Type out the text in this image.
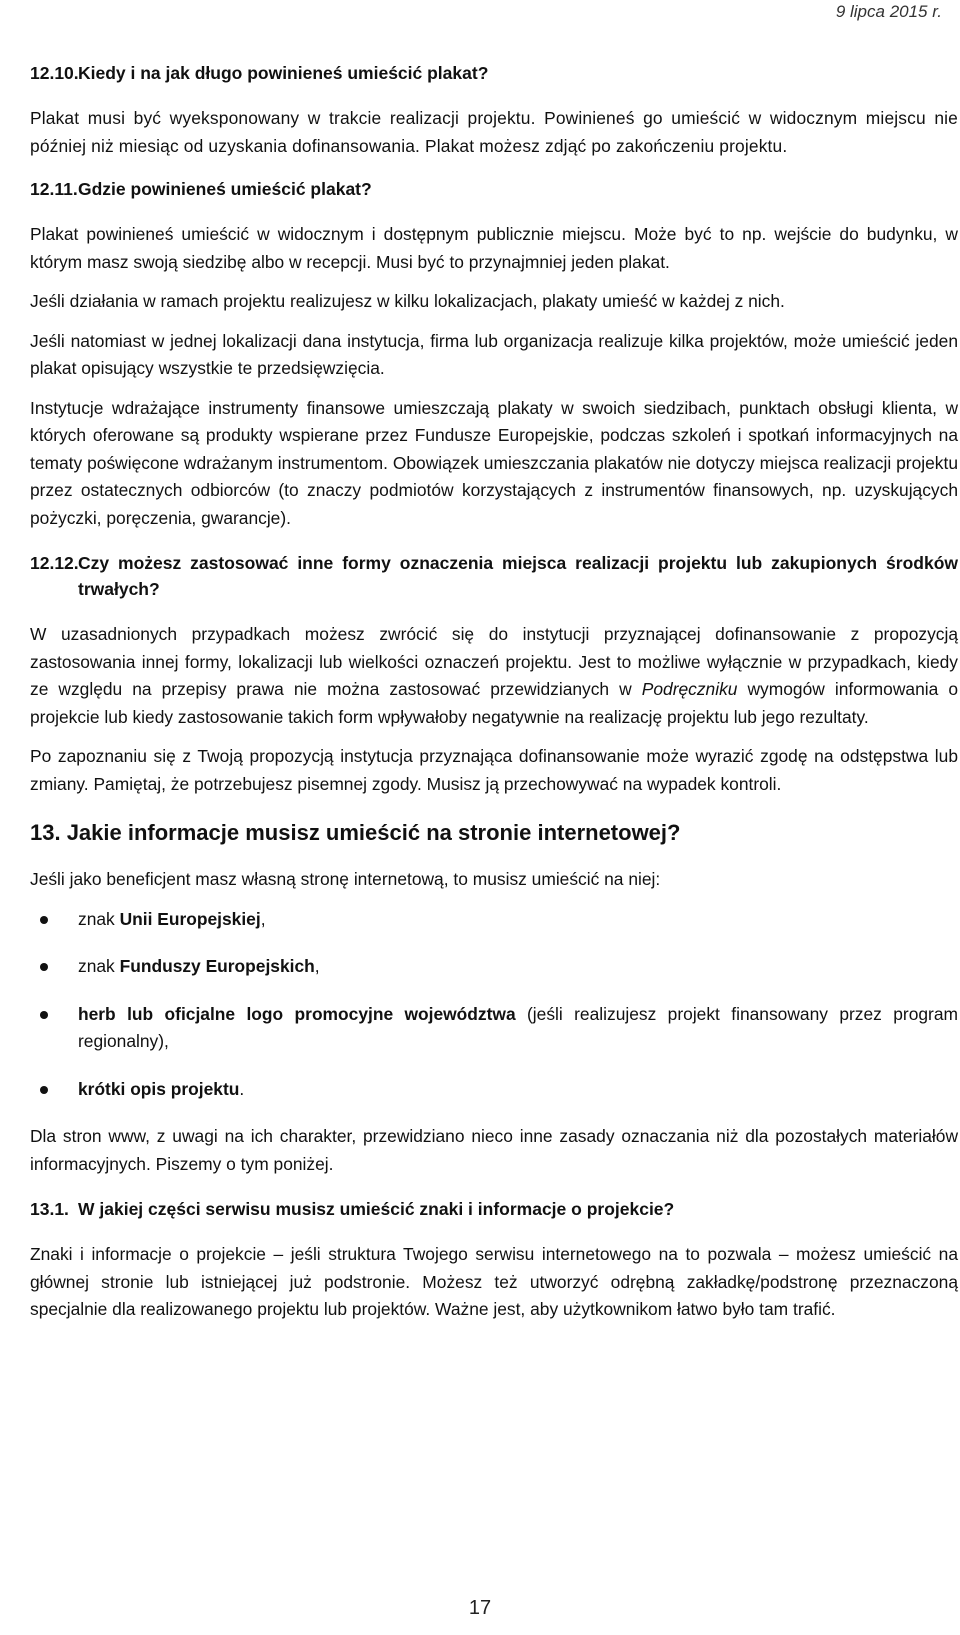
9 lipca 2015 r.
12.10. Kiedy i na jak długo powinieneś umieścić plakat?

Plakat musi być wyeksponowany w trakcie realizacji projektu. Powinieneś go umieścić w widocznym miejscu nie później niż miesiąc od uzyskania dofinansowania. Plakat możesz zdjąć po zakończeniu projektu.

12.11. Gdzie powinieneś umieścić plakat?

Plakat powinieneś umieścić w widocznym i dostępnym publicznie miejscu. Może być to np. wejście do budynku, w którym masz swoją siedzibę albo w recepcji. Musi być to przynajmniej jeden plakat.

Jeśli działania w ramach projektu realizujesz w kilku lokalizacjach, plakaty umieść w każdej z nich.

Jeśli natomiast w jednej lokalizacji dana instytucja, firma lub organizacja realizuje kilka projektów, może umieścić jeden plakat opisujący wszystkie te przedsięwzięcia.

Instytucje wdrażające instrumenty finansowe umieszczają plakaty w swoich siedzibach, punktach obsługi klienta, w których oferowane są produkty wspierane przez Fundusze Europejskie, podczas szkoleń i spotkań informacyjnych na tematy poświęcone wdrażanym instrumentom. Obowiązek umieszczania plakatów nie dotyczy miejsca realizacji projektu przez ostatecznych odbiorców (to znaczy podmiotów korzystających z instrumentów finansowych, np. uzyskujących pożyczki, poręczenia, gwarancje).

12.12. Czy możesz zastosować inne formy oznaczenia miejsca realizacji projektu lub zakupionych środków trwałych?

W uzasadnionych przypadkach możesz zwrócić się do instytucji przyznającej dofinansowanie z propozycją zastosowania innej formy, lokalizacji lub wielkości oznaczeń projektu. Jest to możliwe wyłącznie w przypadkach, kiedy ze względu na przepisy prawa nie można zastosować przewidzianych w Podręczniku wymogów informowania o projekcie lub kiedy zastosowanie takich form wpływałoby negatywnie na realizację projektu lub jego rezultaty.

Po zapoznaniu się z Twoją propozycją instytucja przyznająca dofinansowanie może wyrazić zgodę na odstępstwa lub zmiany. Pamiętaj, że potrzebujesz pisemnej zgody. Musisz ją przechowywać na wypadek kontroli.

13. Jakie informacje musisz umieścić na stronie internetowej?

Jeśli jako beneficjent masz własną stronę internetową, to musisz umieścić na niej:

znak Unii Europejskiej,
znak Funduszy Europejskich,
herb lub oficjalne logo promocyjne województwa (jeśli realizujesz projekt finansowany przez program regionalny),
krótki opis projektu.

Dla stron www, z uwagi na ich charakter, przewidziano nieco inne zasady oznaczania niż dla pozostałych materiałów informacyjnych. Piszemy o tym poniżej.

13.1. W jakiej części serwisu musisz umieścić znaki i informacje o projekcie?

Znaki i informacje o projekcie – jeśli struktura Twojego serwisu internetowego na to pozwala – możesz umieścić na głównej stronie lub istniejącej już podstronie. Możesz też utworzyć odrębną zakładkę/podstronę przeznaczoną specjalnie dla realizowanego projektu lub projektów. Ważne jest, aby użytkownikom łatwo było tam trafić.

17
